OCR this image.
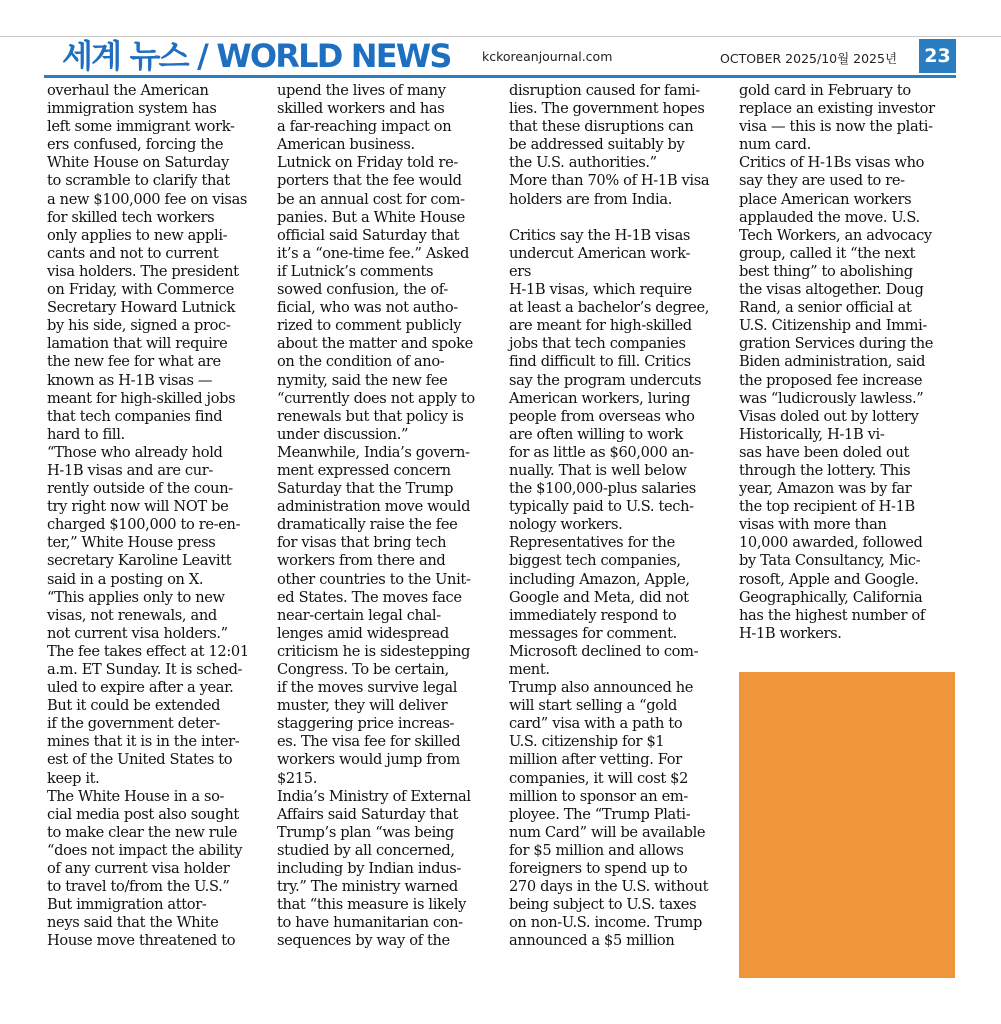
세계 뉴스 / WORLD NEWS	kckoreanjournal.com	OCTOBER 2025/10월 2025년 23
overhaul the American
immigration system has
left some immigrant work-
ers confused, forcing the
White House on Saturday
to scramble to clarify that
a new $100,000 fee on visas
for skilled tech workers
only applies to new appli-
cants and not to current
visa holders. The president
on Friday, with Commerce
Secretary Howard Lutnick
by his side, signed a proc-
lamation that will require
the new fee for what are
known as H-1B visas —
meant for high-skilled jobs
that tech companies find
hard to fill.
“Those who already hold
H-1B visas and are cur-
rently outside of the coun-
try right now will NOT be
charged $100,000 to re-en-
ter,” White House press
secretary Karoline Leavitt
said in a posting on X.
“This applies only to new
visas, not renewals, and
not current visa holders.”
The fee takes effect at 12:01
a.m. ET Sunday. It is sched-
uled to expire after a year.
But it could be extended
if the government deter-
mines that it is in the inter-
est of the United States to
keep it.
The White House in a so-
cial media post also sought
to make clear the new rule
“does not impact the ability
of any current visa holder
to travel to/from the U.S.”
But immigration attor-
neys said that the White
House move threatened to
upend the lives of many
skilled workers and has
a far-reaching impact on
American business.
Lutnick on Friday told re-
porters that the fee would
be an annual cost for com-
panies. But a White House
official said Saturday that
it’s a “one-time fee.” Asked
if Lutnick’s comments
sowed confusion, the of-
ficial, who was not autho-
rized to comment publicly
about the matter and spoke
on the condition of ano-
nymity, said the new fee
“currently does not apply to
renewals but that policy is
under discussion.”
Meanwhile, India’s govern-
ment expressed concern
Saturday that the Trump
administration move would
dramatically raise the fee
for visas that bring tech
workers from there and
other countries to the Unit-
ed States. The moves face
near-certain legal chal-
lenges amid widespread
criticism he is sidestepping
Congress. To be certain,
if the moves survive legal
muster, they will deliver
staggering price increas-
es. The visa fee for skilled
workers would jump from
$215.
India’s Ministry of External
Affairs said Saturday that
Trump’s plan “was being
studied by all concerned,
including by Indian indus-
try.” The ministry warned
that “this measure is likely
to have humanitarian con-
sequences by way of the
disruption caused for fami-
lies. The government hopes
that these disruptions can
be addressed suitably by
the U.S. authorities.”
More than 70% of H-1B visa
holders are from India.
Critics say the H-1B visas
undercut American work-
ers
H-1B visas, which require
at least a bachelor’s degree,
are meant for high-skilled
jobs that tech companies
find difficult to fill. Critics
say the program undercuts
American workers, luring
people from overseas who
are often willing to work
for as little as $60,000 an-
nually. That is well below
the $100,000-plus salaries
typically paid to U.S. tech-
nology workers.
Representatives for the
biggest tech companies,
including Amazon, Apple,
Google and Meta, did not
immediately respond to
messages for comment.
Microsoft declined to com-
ment.
Trump also announced he
will start selling a “gold
card” visa with a path to
U.S. citizenship for $1
million after vetting. For
companies, it will cost $2
million to sponsor an em-
ployee. The “Trump Plati-
num Card” will be available
for $5 million and allows
foreigners to spend up to
270 days in the U.S. without
being subject to U.S. taxes
on non-U.S. income. Trump
announced a $5 million
gold card in February to
replace an existing investor
visa — this is now the plati-
num card.
Critics of H-1Bs visas who
say they are used to re-
place American workers
applauded the move. U.S.
Tech Workers, an advocacy
group, called it “the next
best thing” to abolishing
the visas altogether. Doug
Rand, a senior official at
U.S. Citizenship and Immi-
gration Services during the
Biden administration, said
the proposed fee increase
was “ludicrously lawless.”
Visas doled out by lottery
Historically, H-1B vi-
sas have been doled out
through the lottery. This
year, Amazon was by far
the top recipient of H-1B
visas with more than
10,000 awarded, followed
by Tata Consultancy, Mic-
rosoft, Apple and Google.
Geographically, California
has the highest number of
H-1B workers.
